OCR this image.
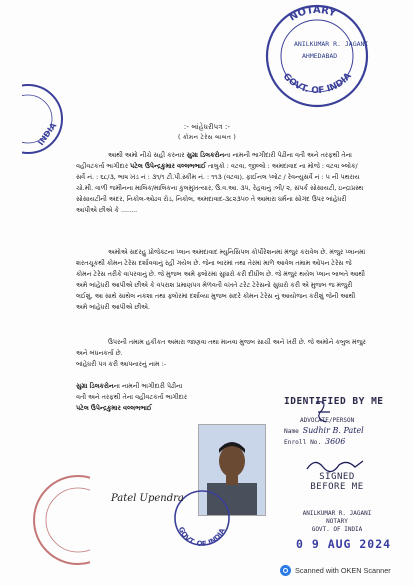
NOTARY
GOVT. OF INDIA
ANILKUMAR R. JAGANI
AHMEDABAD
INDIA	:- બાંહેધરીપત્ર :-
( કોમન ટેરેસ બાબત )
આથી અમો નીચે સહી કરનાર સુગ્રા ડિલકરોનના નામની ભાગીદારી પેઢીના વતી અને તરફથી તેના વહીવટકર્તા ભાગીદાર પટેલ ઉપેન્દ્રકુમાર વલ્લભભાઈ તાલુકો : વટવા, જીલ્લો : અમદાવાદ ના મોજે : વટવા બ્લોક/સર્વે નં. : ૬૮/૩, ભાષ ખંડ નં : ૩૧/૧ ટી.પી.સ્કીમ નં. : ૧૧૩ (વટવા), ફાઈનલ પ્લોટ / રેવન્યુસર્વે નં : ૫ ની પથરાય ચો.મી. વાળી જમીનના માલિક/માલિકના કુલમુખત્યાર, ઉ.વ.આ. ૩૫, રેહવાનું :બી/ ૨, સંપર્ક સોસાયટી, ઇન્દ્રાપ્રસ્થ સોસાયટીની અંદર, નિકોલ-ઓઢવ રોડ, નિકોલ, અમદાવાદ-૩૮૨૩૫૦ તે આમારા ધર્મના સોગંદ ઉપર બાંહેધરી આપીએ છીએ કે ........
અમોએ સદરહુ પ્રોજેક્ટના પ્લાન અમદાવાદ મ્યુનિસિપલ કોર્પોરેશનમાં મંજુર કરાવેલ છે. મંજુર પ્લાનમાં શરતચૂકથી કોમન ટેરેસ દર્શાવવાનું રહી ગયેલ છે. જેના બારમાં તથા તેરમાં માળે આવેલ તમામ ઓપન ટેરેસ જે કોમન ટેરેસ તરીકે વાપરવાનું છે. જે મુજબ અમે ફ્લોરમાં સુધારો કરી દીધીલ છે. જે મંજુર થયેલ પ્લાન બાબતે આથી અમે બાંહેધરી આપીએ છીએ કે વપરાશ પ્રમાણપત્ર મેળવતી વખતે ટરેટ ટેરેસનો સુધારો કરી એ મુજબ જ મંજુરી લઈશું, આ સાથે સાથેલ નકશા તથા ફ્લોરમાં દર્શાવ્યા મુજબ સદરે કોમન ટેરેસ નું આયોજન કરીશું જેની આથી અમે બાંહેધરી આપીએ છીએ.
ઉપરની તમામ હકીકત અમારા જાણવા તથા માનવા મુજબ સાચી અને ખરી છે. જે અમોને કબુલ મંજુર અને બંધનકર્તા છે.
બાંહેધરી પત્ર કરી આપનારનું નામ :-
સુગ્રા ડિલકરોનના નામની ભાગીદારી પેઢીના
વતી અને તરફથી તેના વહીવટકર્તા ભાગીદાર
પટેલ ઉપેન્દ્રકુમાર વલ્લભભાઈ
IDENTIFIED BY ME
ADVOCATE/PERSON
Name Sudhir B. Patel
Enroll No. 3606
GOVT. OF INDIA
Patel Upendra
SIGNED
BEFORE ME
ANILKUMAR R. JAGANI
NOTARY
GOVT. OF INDIA
0 9 AUG 2024
Scanned with OKEN Scanner
